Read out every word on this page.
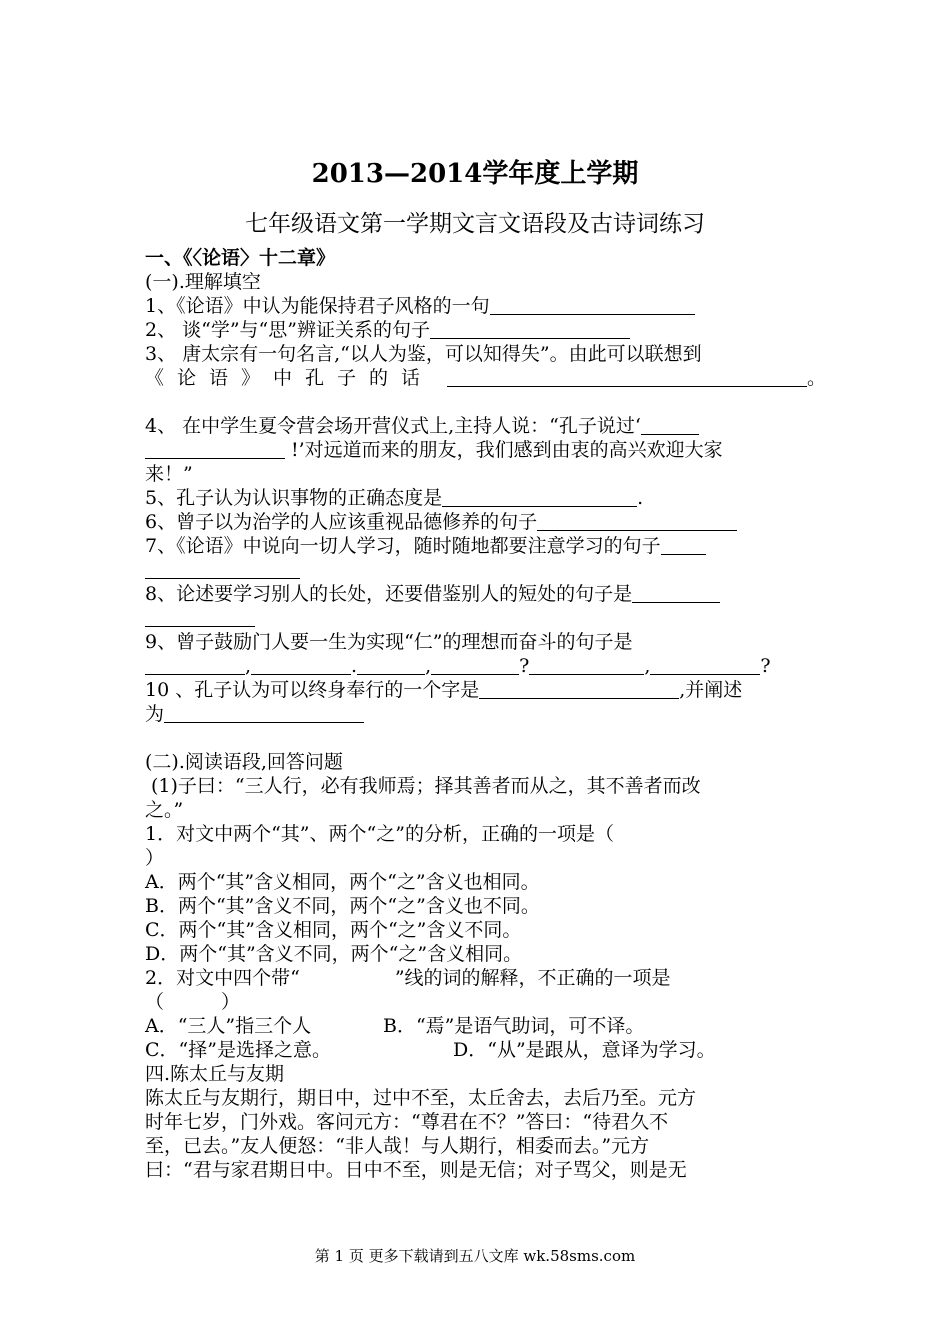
2013—2014学年度上学期
七年级语文第一学期文言文语段及古诗词练习
一、《〈论语〉十二章》
(一).理解填空
1、《论语》中认为能保持君子风格的一句
2、 谈“学”与“思”辨证关系的句子
3、 唐太宗有一句名言,“以人为鉴，可以知得失”。由此可以联想到
《论语》中孔子的话	。
4、 在中学生夏令营会场开营仪式上,主持人说：“孔子说过‘
!’对远道而来的朋友，我们感到由衷的高兴欢迎大家
来！”
5、孔子认为认识事物的正确态度是	.
6、曾子以为治学的人应该重视品德修养的句子
7、《论语》中说向一切人学习，随时随地都要注意学习的句子
8、论述要学习别人的长处，还要借鉴别人的短处的句子是
9、曾子鼓励门人要一生为实现“仁”的理想而奋斗的句子是
,	.	,	?	,	?
10 、孔子认为可以终身奉行的一个字是	,并阐述
为
(二).阅读语段,回答问题
(1)子曰：“三人行，必有我师焉；择其善者而从之，其不善者而改
之。”
1．对文中两个“其”、两个“之”的分析，正确的一项是（
）
A．两个“其”含义相同，两个“之”含义也相同。
B．两个“其”含义不同，两个“之”含义也不同。
C．两个“其”含义相同，两个“之”含义不同。
D．两个“其”含义不同，两个“之”含义相同。
2．对文中四个带“	”线的词的解释，不正确的一项是
（　　　）
A．“三人”指三个人	B．“焉”是语气助词，可不译。
C．“择”是选择之意。	D．“从”是跟从，意译为学习。
四.陈太丘与友期
陈太丘与友期行，期日中，过中不至，太丘舍去，去后乃至。元方
时年七岁，门外戏。客问元方：“尊君在不？”答曰：“待君久不
至，已去。”友人便怒：“非人哉！与人期行，相委而去。”元方
曰：“君与家君期日中。日中不至，则是无信；对子骂父，则是无
第 1 页 更多下载请到五八文库 wk.58sms.com
